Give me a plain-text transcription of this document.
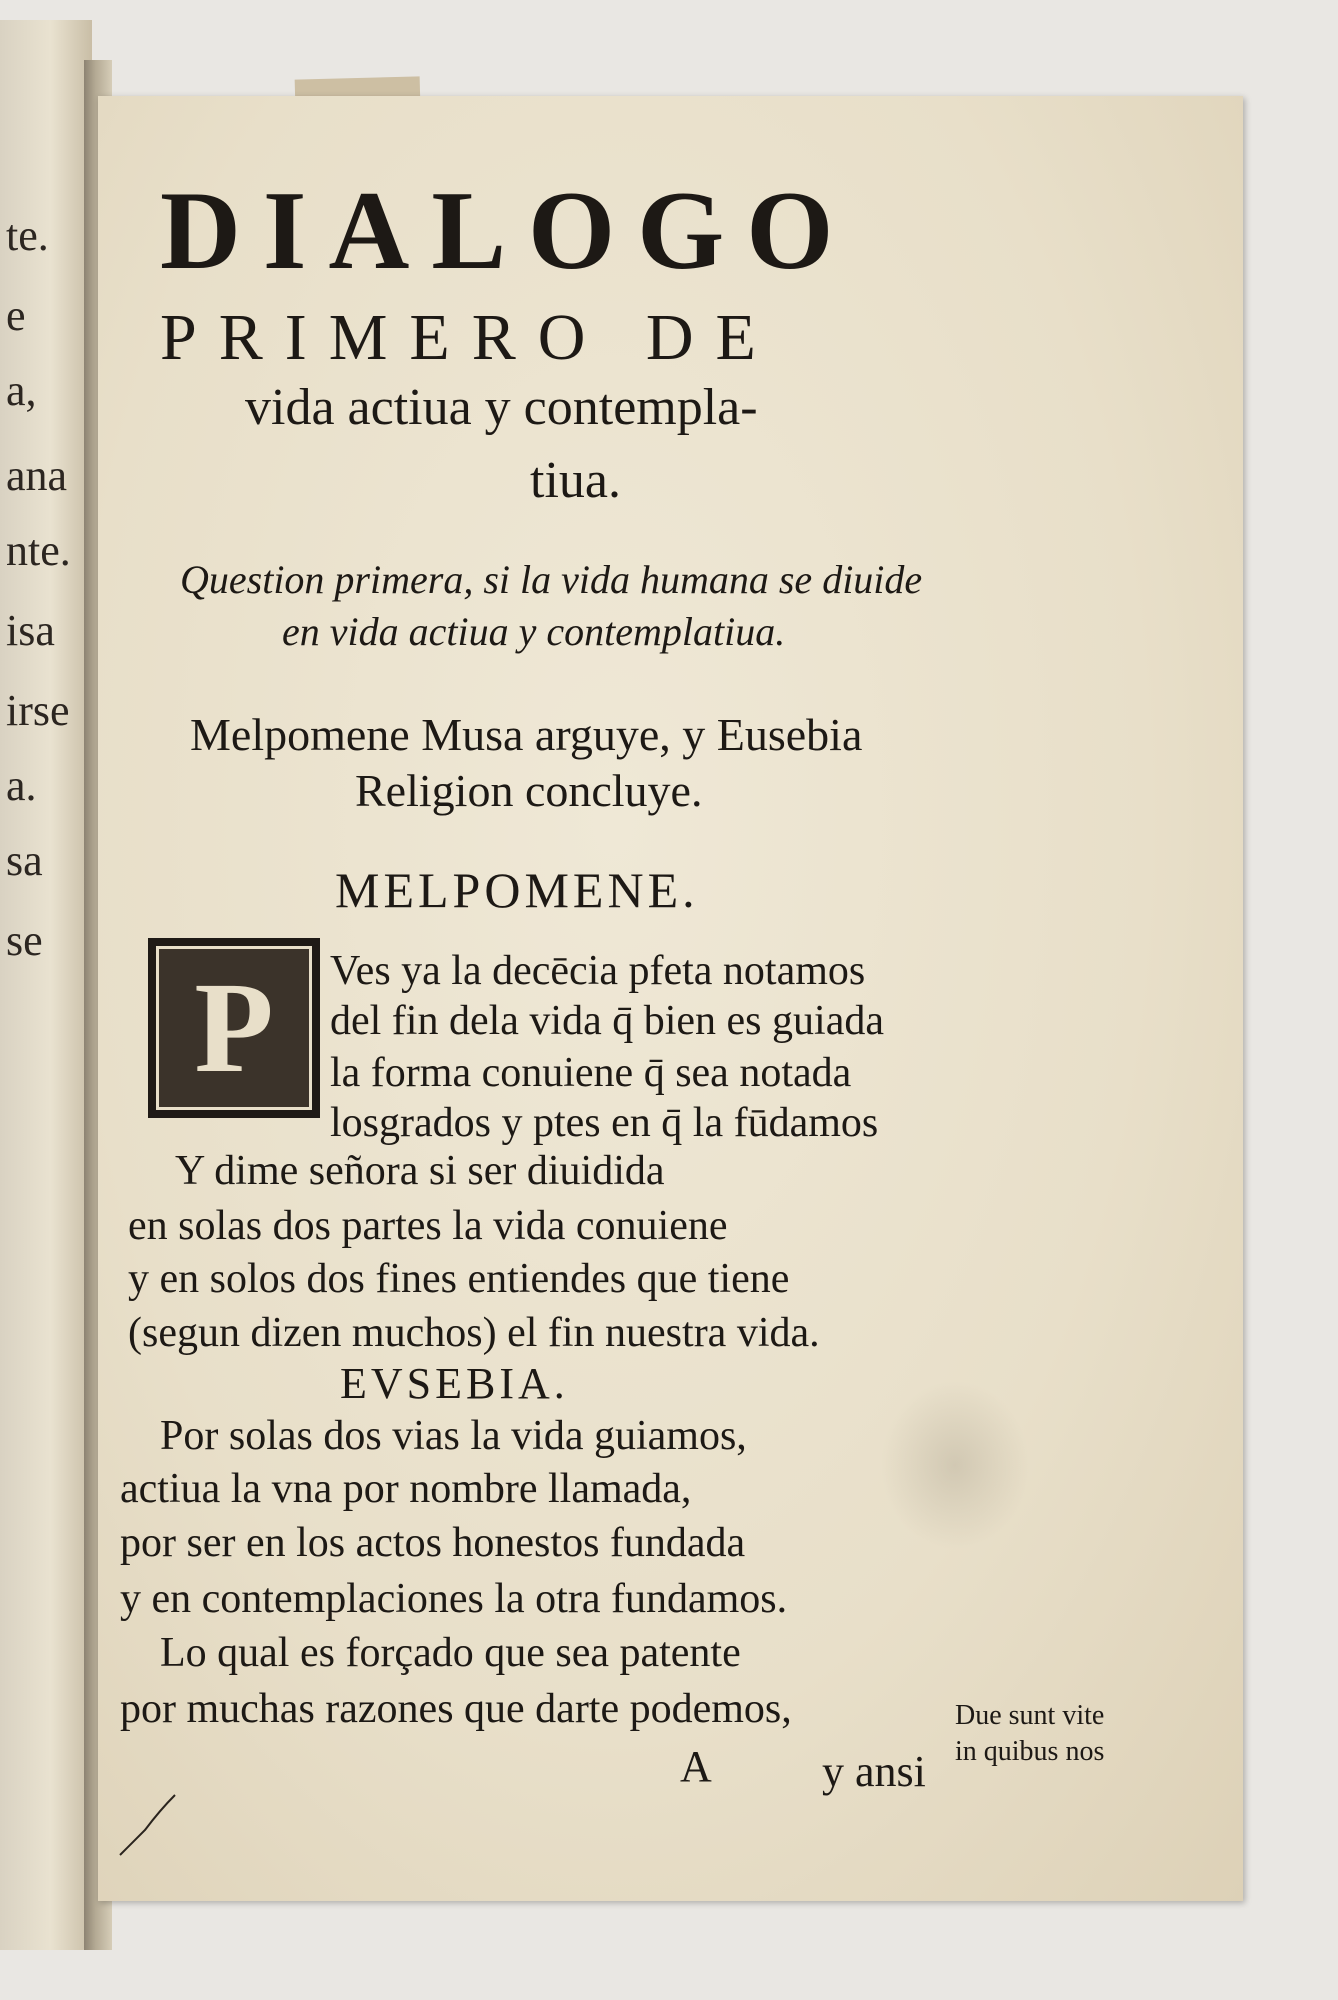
te.
e
a,
ana
nte.
isa
irse
a.
sa
se
DIALOGO
PRIMERO DE
vida actiua y contempla-
tiua.
Question primera, si la vida humana se diuide
en vida actiua y contemplatiua.
Melpomene Musa arguye, y Eusebia
Religion concluye.
MELPOMENE.
P Ves ya la decēcia pfeta notamos
del fin dela vida q̄ bien es guiada
la forma conuiene q̄ sea notada
losgrados y ptes en q̄ la fūdamos
Y dime señora si ser diuidida
en solas dos partes la vida conuiene
y en solos dos fines entiendes que tiene
(segun dizen muchos) el fin nuestra vida.
EVSEBIA.
Por solas dos vias la vida guiamos,
actiua la vna por nombre llamada,
por ser en los actos honestos fundada
y en contemplaciones la otra fundamos.
Lo qual es forçado que sea patente
por muchas razones que darte podemos,
A	y ansi
Due sunt vite
in quibus nos
